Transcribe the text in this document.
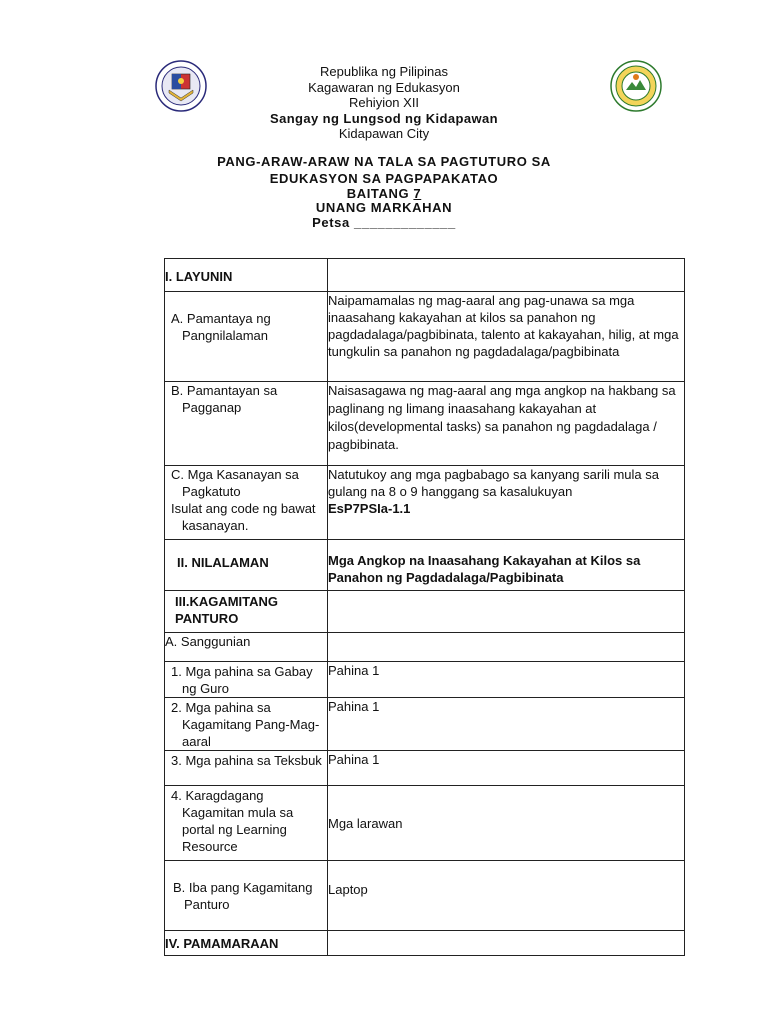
Republika ng Pilipinas
Kagawaran ng Edukasyon
Rehiyion XII
Sangay ng Lungsod ng Kidapawan
Kidapawan City
PANG-ARAW-ARAW NA TALA SA PAGTUTURO SA
EDUKASYON SA PAGPAPAKATAO
BAITANG 7
UNANG MARKAHAN
Petsa _____________
I. LAYUNIN	

A. Pamantaya ng Pangnilalaman	Naipamamalas ng mag-aaral ang pag-unawa sa mga inaasahang kakayahan at kilos sa panahon ng pagdadalaga/pagbibinata, talento at kakayahan, hilig, at mga tungkulin sa panahon ng pagdadalaga/pagbibinata

B. Pamantayan sa Pagganap	Naisasagawa ng mag-aaral ang mga angkop na hakbang sa paglinang ng limang inaasahang kakayahan at kilos(developmental tasks) sa panahon ng pagdadalaga / pagbibinata.

C. Mga Kasanayan sa Pagkatuto
Isulat ang code ng bawat kasanayan.	Natutukoy ang mga pagbabago sa kanyang sarili mula sa gulang na 8 o 9 hanggang sa kasalukuyan
EsP7PSIa-1.1
II. NILALAMAN	Mga Angkop na Inaasahang Kakayahan at Kilos sa Panahon ng Pagdadalaga/Pagbibinata
III.KAGAMITANG PANTURO	
A. Sanggunian	

1. Mga pahina sa Gabay ng Guro	Pahina 1

2. Mga pahina sa Kagamitang Pang-Mag-aaral	Pahina 1

3. Mga pahina sa Teksbuk	Pahina 1

4. Karagdagang Kagamitan mula sa portal ng Learning Resource	Mga larawan

B. Iba pang Kagamitang Panturo	Laptop
IV. PAMAMARAAN	
